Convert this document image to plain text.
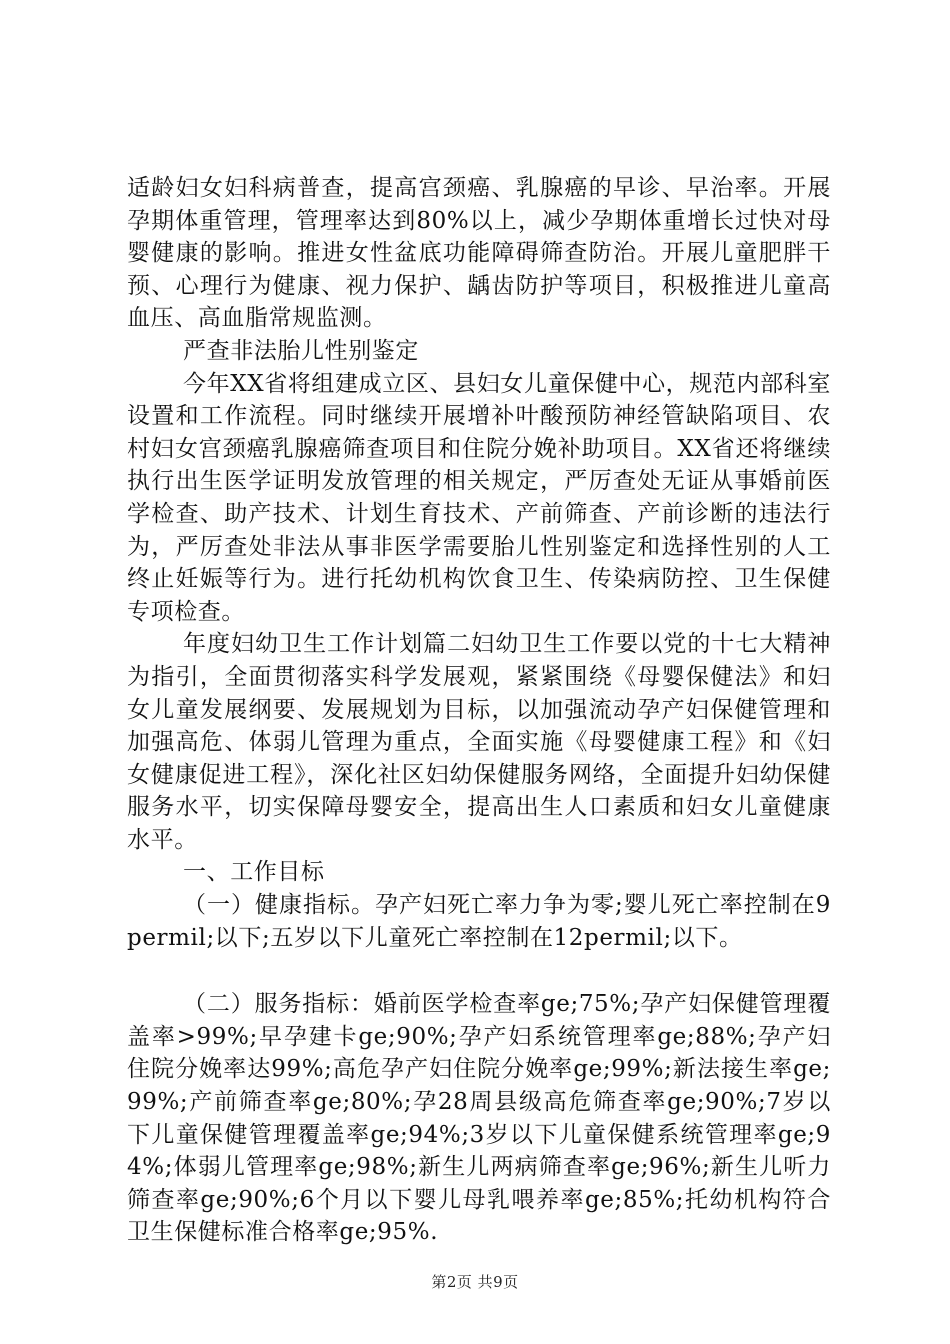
适龄妇女妇科病普查，提高宫颈癌、乳腺癌的早诊、早治率。开展孕期体重管理，管理率达到80%以上，减少孕期体重增长过快对母婴健康的影响。推进女性盆底功能障碍筛查防治。开展儿童肥胖干预、心理行为健康、视力保护、龋齿防护等项目，积极推进儿童高血压、高血脂常规监测。

严查非法胎儿性别鉴定

今年XX省将组建成立区、县妇女儿童保健中心，规范内部科室设置和工作流程。同时继续开展增补叶酸预防神经管缺陷项目、农村妇女宫颈癌乳腺癌筛查项目和住院分娩补助项目。XX省还将继续执行出生医学证明发放管理的相关规定，严厉查处无证从事婚前医学检查、助产技术、计划生育技术、产前筛查、产前诊断的违法行为，严厉查处非法从事非医学需要胎儿性别鉴定和选择性别的人工终止妊娠等行为。进行托幼机构饮食卫生、传染病防控、卫生保健专项检查。

年度妇幼卫生工作计划篇二妇幼卫生工作要以党的十七大精神为指引，全面贯彻落实科学发展观，紧紧围绕《母婴保健法》和妇女儿童发展纲要、发展规划为目标，以加强流动孕产妇保健管理和加强高危、体弱儿管理为重点，全面实施《母婴健康工程》和《妇女健康促进工程》，深化社区妇幼保健服务网络，全面提升妇幼保健服务水平，切实保障母婴安全，提高出生人口素质和妇女儿童健康水平。

一、工作目标

（一）健康指标。孕产妇死亡率力争为零;婴儿死亡率控制在9permil;以下;五岁以下儿童死亡率控制在12permil;以下。

（二）服务指标：婚前医学检查率ge;75%;孕产妇保健管理覆盖率>99%;早孕建卡ge;90%;孕产妇系统管理率ge;88%;孕产妇住院分娩率达99%;高危孕产妇住院分娩率ge;99%;新法接生率ge;99%;产前筛查率ge;80%;孕28周县级高危筛查率ge;90%;7岁以下儿童保健管理覆盖率ge;94%;3岁以下儿童保健系统管理率ge;94%;体弱儿管理率ge;98%;新生儿两病筛查率ge;96%;新生儿听力筛查率ge;90%;6个月以下婴儿母乳喂养率ge;85%;托幼机构符合卫生保健标准合格率ge;95%.

第2页 共9页
